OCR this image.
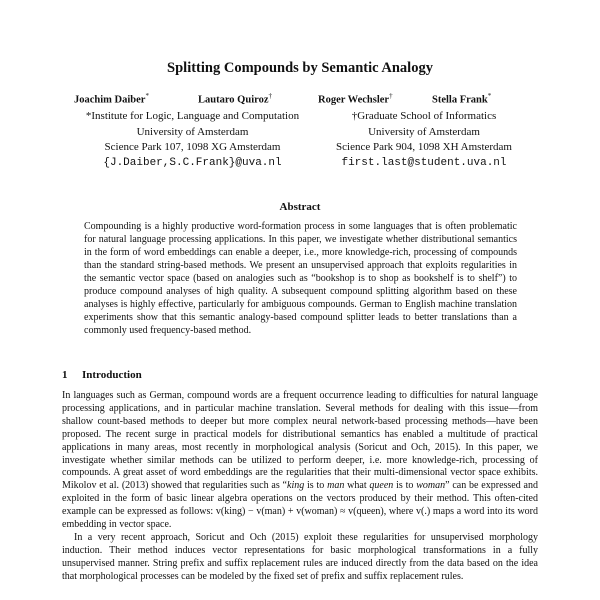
Splitting Compounds by Semantic Analogy
Joachim Daiber*	Lautaro Quiroz†	Roger Wechsler†	Stella Frank*
*Institute for Logic, Language and Computation
University of Amsterdam
Science Park 107, 1098 XG Amsterdam
{J.Daiber,S.C.Frank}@uva.nl
†Graduate School of Informatics
University of Amsterdam
Science Park 904, 1098 XH Amsterdam
first.last@student.uva.nl
Abstract
Compounding is a highly productive word-formation process in some languages that is often problematic for natural language processing applications. In this paper, we investigate whether distributional semantics in the form of word embeddings can enable a deeper, i.e., more knowledge-rich, processing of compounds than the standard string-based methods. We present an unsupervised approach that exploits regularities in the semantic vector space (based on analogies such as “bookshop is to shop as bookshelf is to shelf”) to produce compound analyses of high quality. A subsequent compound splitting algorithm based on these analyses is highly effective, particularly for ambiguous compounds. German to English machine translation experiments show that this semantic analogy-based compound splitter leads to better translations than a commonly used frequency-based method.
1 Introduction

In languages such as German, compound words are a frequent occurrence leading to difficulties for natural language processing applications, and in particular machine translation. Several methods for dealing with this issue—from shallow count-based methods to deeper but more complex neural network-based processing methods—have been proposed. The recent surge in practical models for distributional semantics has enabled a multitude of practical applications in many areas, most recently in morphological analysis (Soricut and Och, 2015). In this paper, we investigate whether similar methods can be utilized to perform deeper, i.e. more knowledge-rich, processing of compounds. A great asset of word embeddings are the regularities that their multi-dimensional vector space exhibits. Mikolov et al. (2013) showed that regularities such as “king is to man what queen is to woman” can be expressed and exploited in the form of basic linear algebra operations on the vectors produced by their method. This often-cited example can be expressed as follows: v(king) − v(man) + v(woman) ≈ v(queen), where v(.) maps a word into its word embedding in vector space.

In a very recent approach, Soricut and Och (2015) exploit these regularities for unsupervised morphology induction. Their method induces vector representations for basic morphological transformations in a fully unsupervised manner. String prefix and suffix replacement rules are induced directly from the data based on the idea that morphological processes can be modeled by the fixed set of prefix and suffix replacement rules.
